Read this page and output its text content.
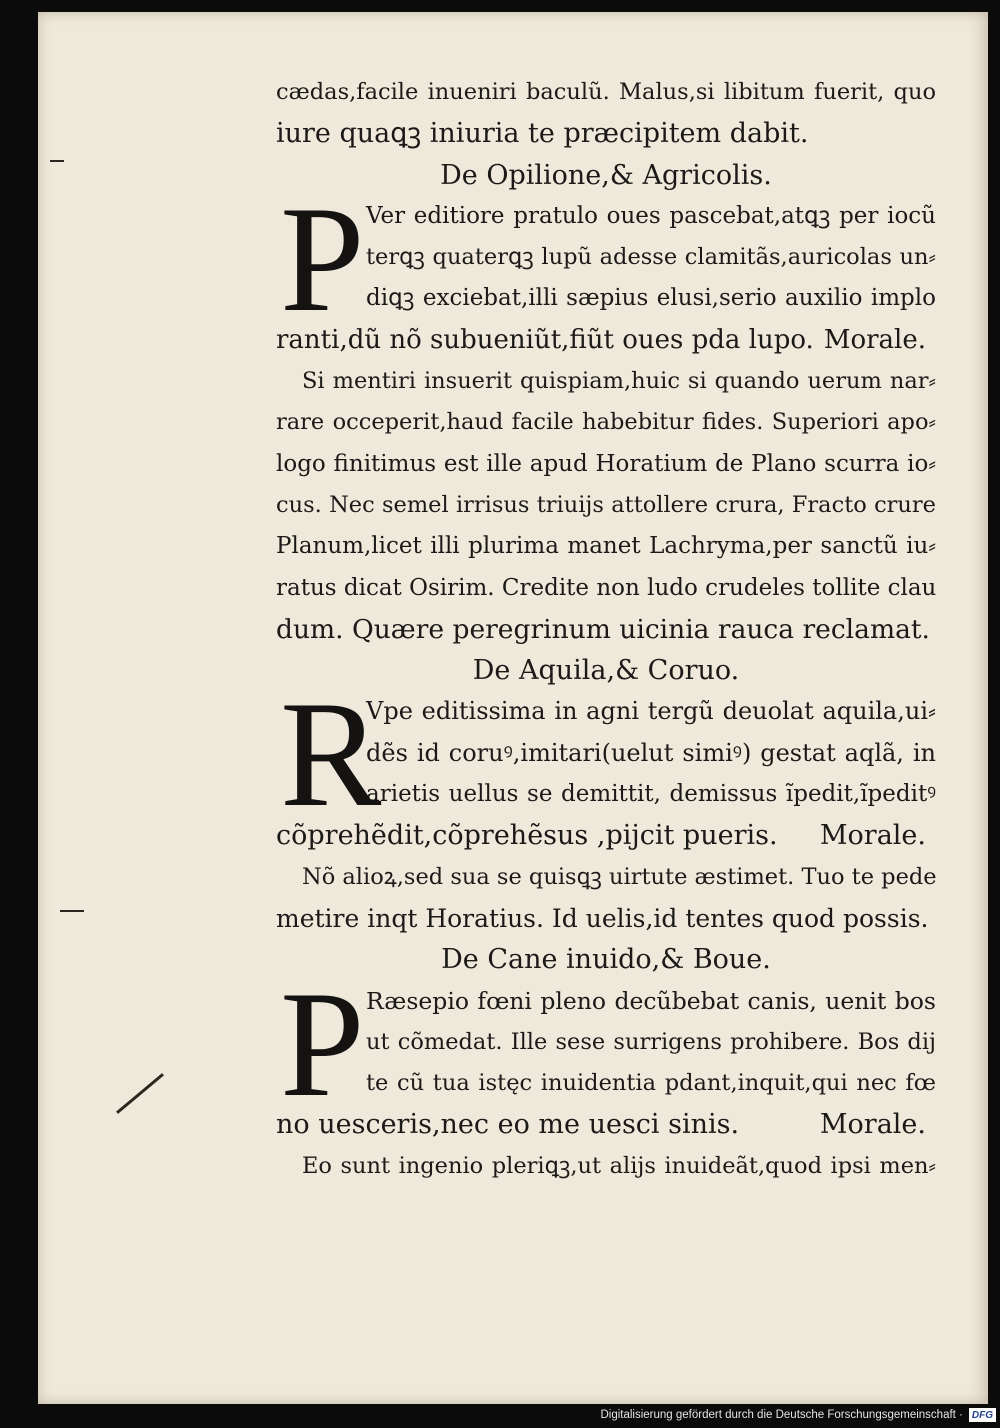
cædas,facile inueniri baculũ. Malus,si libitum fuerit, quo
iure quaꝗꝫ iniuria te præcipitem dabit.
De Opilione,& Agricolis.
P Ver editiore pratulo oues pascebat,atꝗꝫ per iocũ
terꝗꝫ quaterꝗꝫ lupũ adesse clamitãs,auricolas un⸗
diꝗꝫ exciebat,illi sæpius elusi,serio auxilio implo
ranti,dũ nõ subueniũt,fiũt oues pda lupo. Morale.
Si mentiri insuerit quispiam,huic si quando uerum nar⸗
rare occeperit,haud facile habebitur fides. Superiori apo⸗
logo finitimus est ille apud Horatium de Plano scurra io⸗
cus. Nec semel irrisus triuijs attollere crura, Fracto crure
Planum,licet illi plurima manet Lachryma,per sanctũ iu⸗
ratus dicat Osirim. Credite non ludo crudeles tollite clau
dum. Quære peregrinum uicinia rauca reclamat.
De Aquila,& Coruo.
R
Vpe editissima in agni tergũ deuolat aquila,ui⸗
dẽs id coruꝰ,imitari(uelut simiꝰ) gestat aqlã, in
arietis uellus se demittit, demissus ĩpedit,ĩpeditꝰ
cõprehẽdit,cõprehẽsus ,pijcit pueris. Morale.
Nõ alioꝝ,sed sua se quisꝗꝫ uirtute æstimet. Tuo te pede
metire inqt Horatius. Id uelis,id tentes quod possis.
De Cane inuido,& Boue.
P Ræsepio fœni pleno decũbebat canis, uenit bos
ut cõmedat. Ille sese surrigens prohibere. Bos dij
te cũ tua istęc inuidentia pdant,inquit,qui nec fœ
no uesceris,nec eo me uesci sinis.	Morale.
Eo sunt ingenio pleriꝗꝫ,ut alijs inuideãt,quod ipsi men⸗
Digitalisierung gefördert durch die Deutsche Forschungsgemeinschaft · DFG
